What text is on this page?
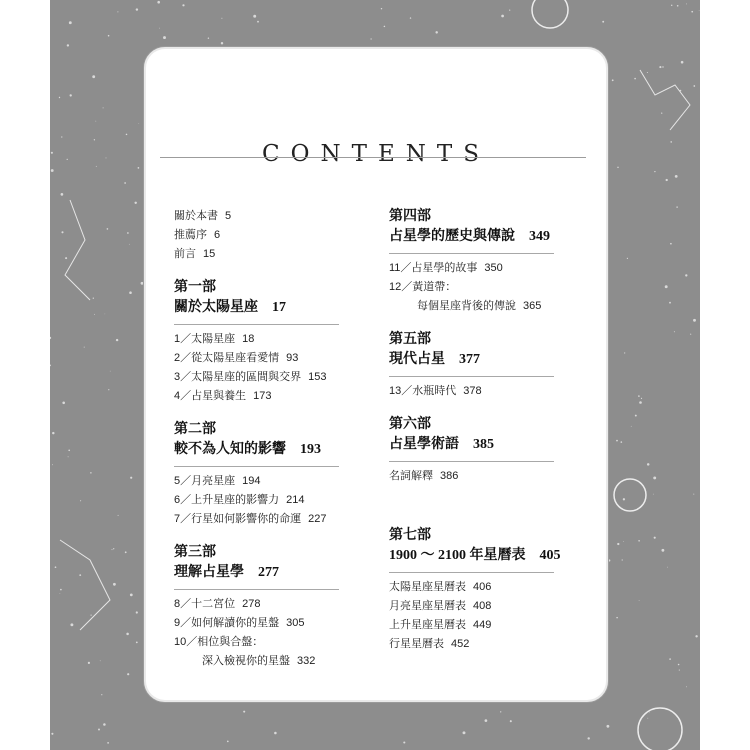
CONTENTS
關於本書 5
推薦序 6
前言 15
第一部
關於太陽星座 17
1／太陽星座 18
2／從太陽星座看愛情 93
3／太陽星座的區間與交界 153
4／占星與養生 173
第二部
較不為人知的影響 193
5／月亮星座 194
6／上升星座的影響力 214
7／行星如何影響你的命運 227
第三部
理解占星學 277
8／十二宮位 278
9／如何解讀你的星盤 305
10／相位與合盤：
深入檢視你的星盤 332
第四部
占星學的歷史與傳說 349
11／占星學的故事 350
12／黃道帶：
每個星座背後的傳說 365
第五部
現代占星 377
13／水瓶時代 378
第六部
占星學術語 385
名詞解釋 386
第七部
1900 ～ 2100 年星曆表 405
太陽星座星曆表 406
月亮星座星曆表 408
上升星座星曆表 449
行星星曆表 452
